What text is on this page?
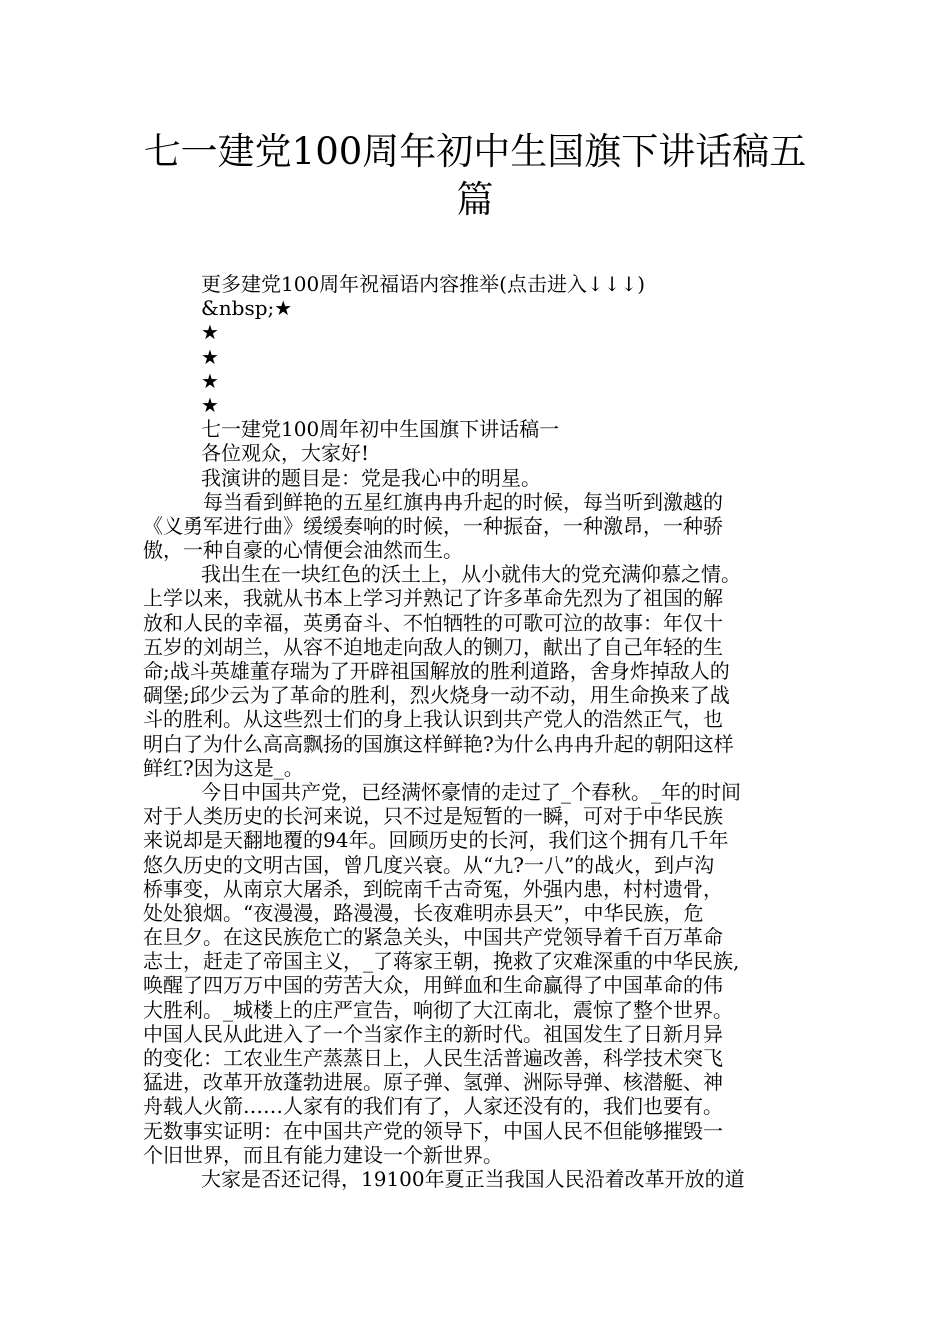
七一建党100周年初中生国旗下讲话稿五
篇
更多建党100周年祝福语内容推举(点击进入↓↓↓)
&nbsp;★
★
★
★
★
七一建党100周年初中生国旗下讲话稿一
各位观众，大家好!
我演讲的题目是：党是我心中的明星。
每当看到鲜艳的五星红旗冉冉升起的时候，每当听到激越的
《义勇军进行曲》缓缓奏响的时候，一种振奋，一种激昂，一种骄
傲，一种自豪的心情便会油然而生。
我出生在一块红色的沃土上，从小就伟大的党充满仰慕之情。
上学以来，我就从书本上学习并熟记了许多革命先烈为了祖国的解
放和人民的幸福，英勇奋斗、不怕牺牲的可歌可泣的故事：年仅十
五岁的刘胡兰，从容不迫地走向敌人的铡刀，献出了自己年轻的生
命;战斗英雄董存瑞为了开辟祖国解放的胜利道路，舍身炸掉敌人的
碉堡;邱少云为了革命的胜利，烈火烧身一动不动，用生命换来了战
斗的胜利。从这些烈士们的身上我认识到共产党人的浩然正气，也
明白了为什么高高飘扬的国旗这样鲜艳?为什么冉冉升起的朝阳这样
鲜红?因为这是_。
今日中国共产党，已经满怀豪情的走过了_个春秋。_年的时间
对于人类历史的长河来说，只不过是短暂的一瞬，可对于中华民族
来说却是天翻地覆的94年。回顾历史的长河，我们这个拥有几千年
悠久历史的文明古国，曾几度兴衰。从“九?一八”的战火，到卢沟
桥事变，从南京大屠杀，到皖南千古奇冤，外强内患，村村遗骨，
处处狼烟。“夜漫漫，路漫漫，长夜难明赤县天”，中华民族，危
在旦夕。在这民族危亡的紧急关头，中国共产党领导着千百万革命
志士，赶走了帝国主义，_了蒋家王朝，挽救了灾难深重的中华民族,
唤醒了四万万中国的劳苦大众，用鲜血和生命赢得了中国革命的伟
大胜利。_城楼上的庄严宣告，响彻了大江南北，震惊了整个世界。
中国人民从此进入了一个当家作主的新时代。祖国发生了日新月异
的变化：工农业生产蒸蒸日上，人民生活普遍改善，科学技术突飞
猛进，改革开放蓬勃进展。原子弹、氢弹、洲际导弹、核潜艇、神
舟载人火箭……人家有的我们有了，人家还没有的，我们也要有。
无数事实证明：在中国共产党的领导下，中国人民不但能够摧毁一
个旧世界，而且有能力建设一个新世界。
大家是否还记得，19100年夏正当我国人民沿着改革开放的道
